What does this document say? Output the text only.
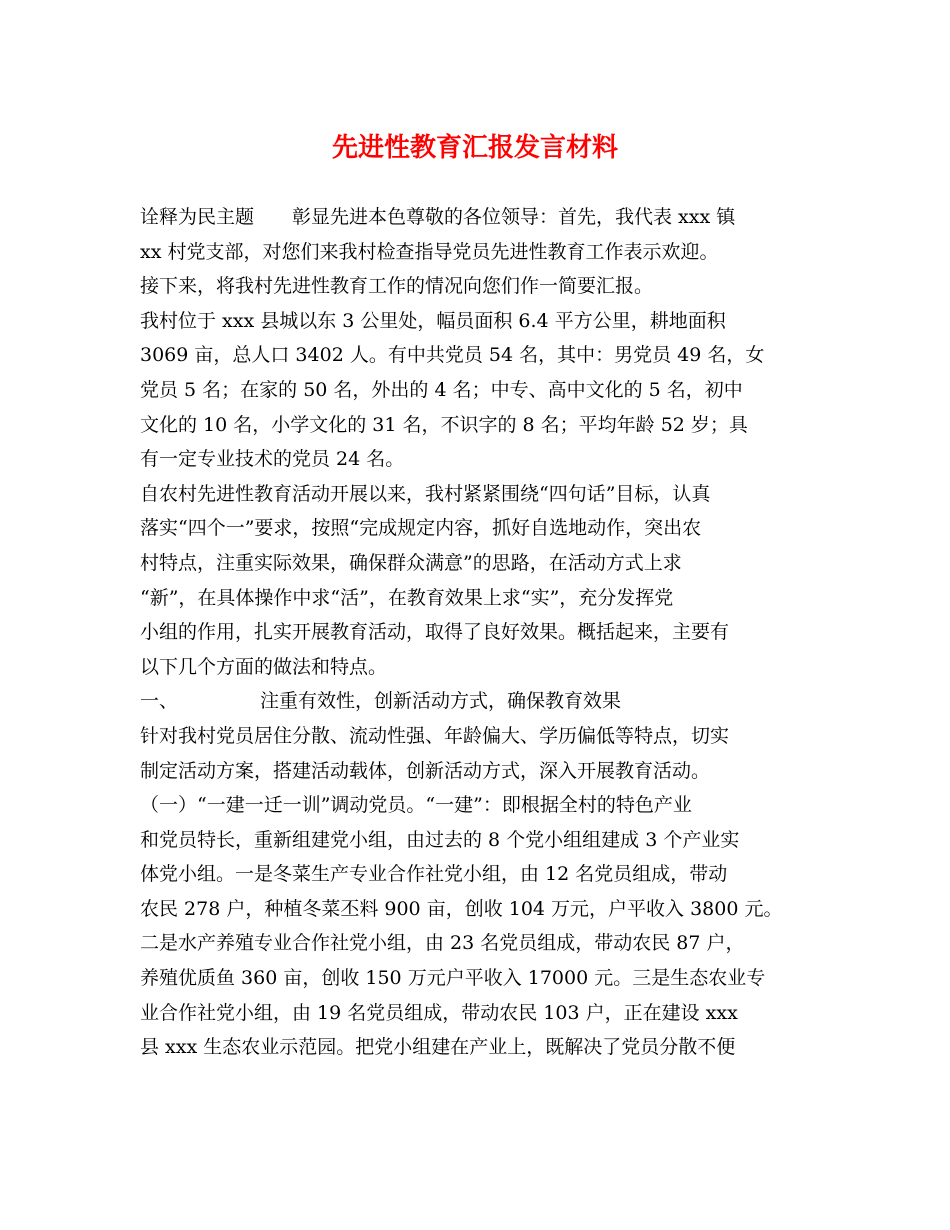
先进性教育汇报发言材料
诠释为民主题　　彰显先进本色尊敬的各位领导：首先，我代表 xxx 镇
xx 村党支部，对您们来我村检查指导党员先进性教育工作表示欢迎。
接下来，将我村先进性教育工作的情况向您们作一简要汇报。
我村位于 xxx 县城以东 3 公里处，幅员面积 6.4 平方公里，耕地面积
3069 亩，总人口 3402 人。有中共党员 54 名，其中：男党员 49 名，女
党员 5 名；在家的 50 名，外出的 4 名；中专、高中文化的 5 名，初中
文化的 10 名，小学文化的 31 名，不识字的 8 名；平均年龄 52 岁；具
有一定专业技术的党员 24 名。
自农村先进性教育活动开展以来，我村紧紧围绕“四句话”目标，认真
落实“四个一”要求，按照“完成规定内容，抓好自选地动作，突出农
村特点，注重实际效果，确保群众满意”的思路，在活动方式上求
“新”，在具体操作中求“活”，在教育效果上求“实”，充分发挥党
小组的作用，扎实开展教育活动，取得了良好效果。概括起来，主要有
以下几个方面的做法和特点。
一、	注重有效性，创新活动方式，确保教育效果
针对我村党员居住分散、流动性强、年龄偏大、学历偏低等特点，切实
制定活动方案，搭建活动载体，创新活动方式，深入开展教育活动。
（一）“一建一迁一训”调动党员。“一建”：即根据全村的特色产业
和党员特长，重新组建党小组，由过去的 8 个党小组组建成 3 个产业实
体党小组。一是冬菜生产专业合作社党小组，由 12 名党员组成，带动
农民 278 户，种植冬菜丕料 900 亩，创收 104 万元，户平收入 3800 元。
二是水产养殖专业合作社党小组，由 23 名党员组成，带动农民 87 户，
养殖优质鱼 360 亩，创收 150 万元户平收入 17000 元。三是生态农业专
业合作社党小组，由 19 名党员组成，带动农民 103 户，正在建设 xxx
县 xxx 生态农业示范园。把党小组建在产业上，既解决了党员分散不便
